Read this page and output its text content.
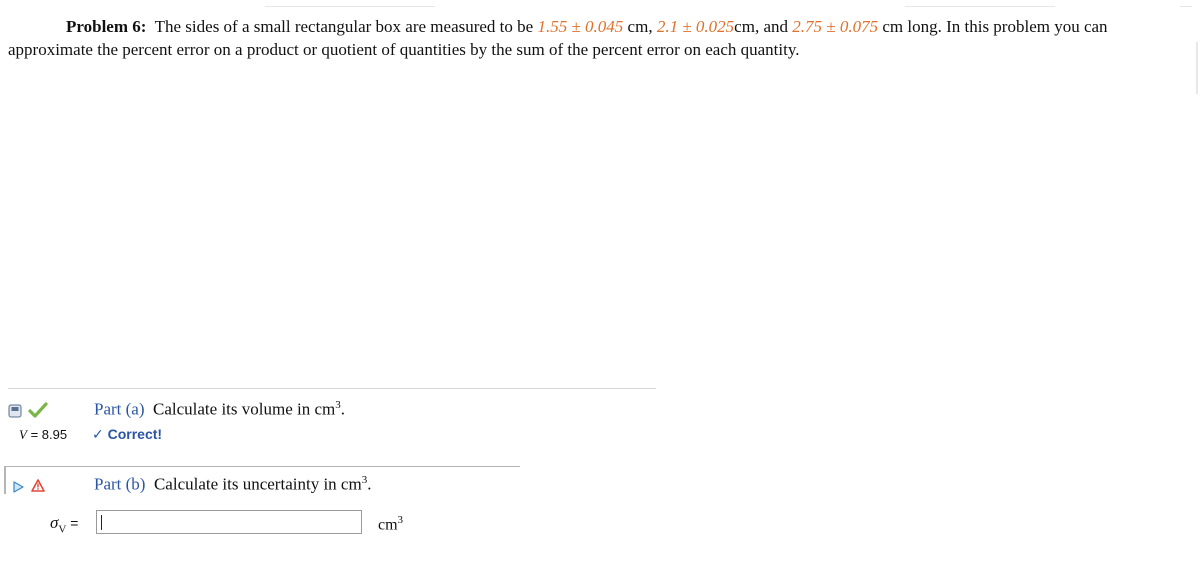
Problem 6: The sides of a small rectangular box are measured to be 1.55 ± 0.045 cm, 2.1 ± 0.025cm, and 2.75 ± 0.075 cm long. In this problem you can approximate the percent error on a product or quotient of quantities by the sum of the percent error on each quantity.
Part (a) Calculate its volume in $cm^3$.
V = 8.95 ✓ Correct!
Part (b) Calculate its uncertainty in $cm^3$.
$\sigma_V$ =	$cm^3$
